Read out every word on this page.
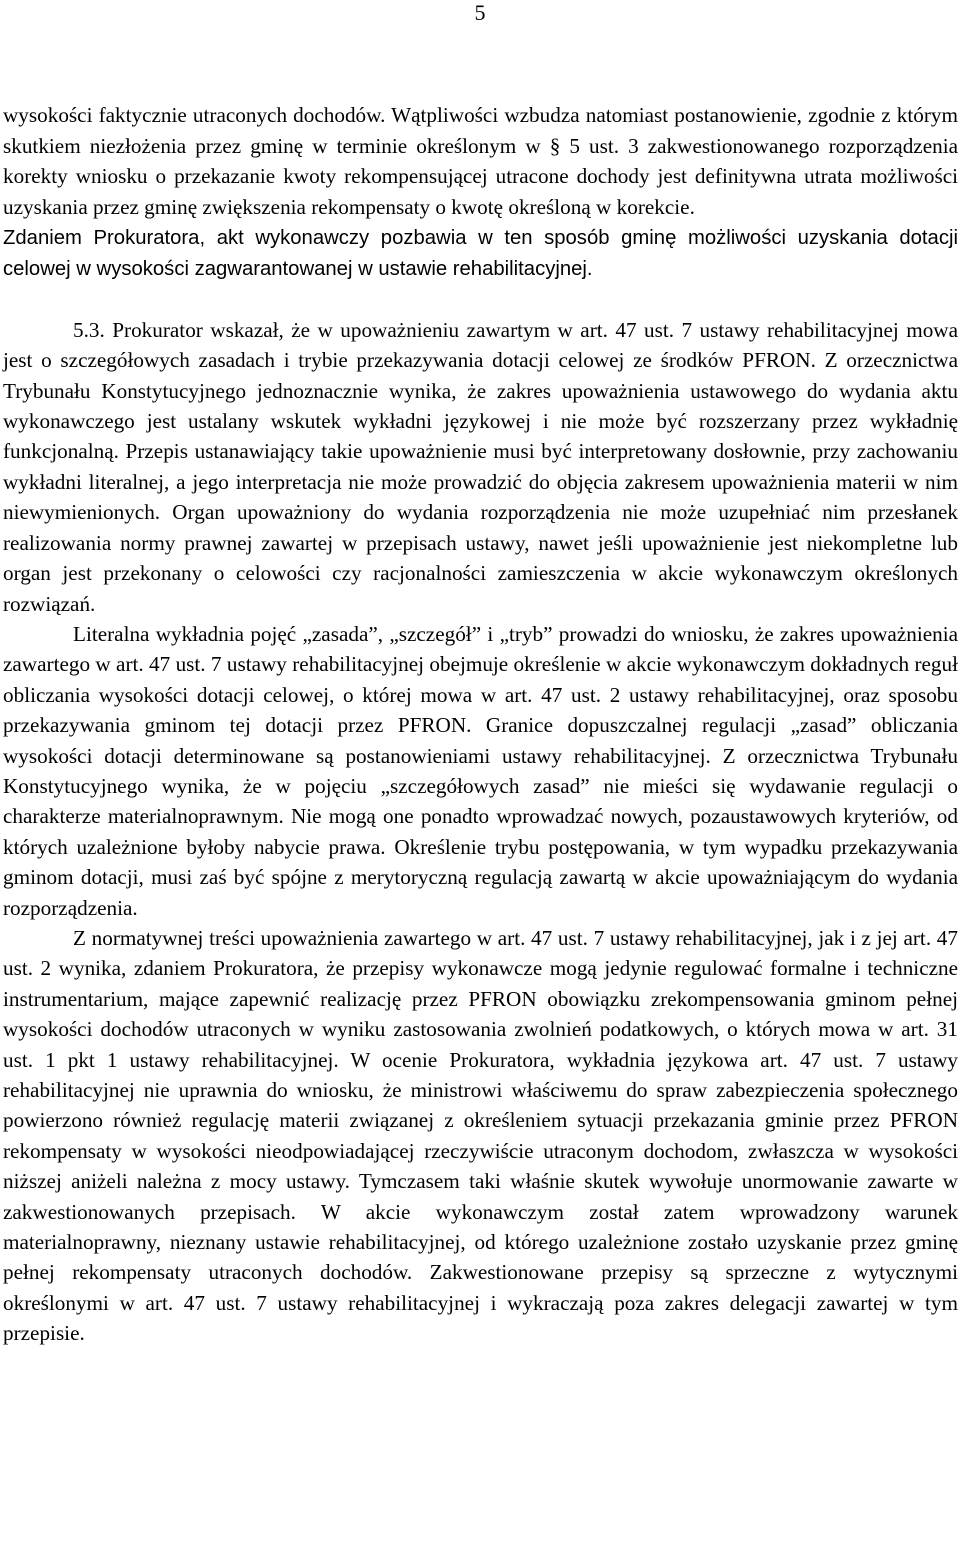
5

wysokości faktycznie utraconych dochodów. Wątpliwości wzbudza natomiast postanowienie, zgodnie z którym skutkiem niezłożenia przez gminę w terminie określonym w § 5 ust. 3 zakwestionowanego rozporządzenia korekty wniosku o przekazanie kwoty rekompensującej utracone dochody jest definitywna utrata możliwości uzyskania przez gminę zwiększenia rekompensaty o kwotę określoną w korekcie.
Zdaniem Prokuratora, akt wykonawczy pozbawia w ten sposób gminę możliwości uzyskania dotacji celowej w wysokości zagwarantowanej w ustawie rehabilitacyjnej.

5.3. Prokurator wskazał, że w upoważnieniu zawartym w art. 47 ust. 7 ustawy rehabilitacyjnej mowa jest o szczegółowych zasadach i trybie przekazywania dotacji celowej ze środków PFRON. Z orzecznictwa Trybunału Konstytucyjnego jednoznacznie wynika, że zakres upoważnienia ustawowego do wydania aktu wykonawczego jest ustalany wskutek wykładni językowej i nie może być rozszerzany przez wykładnię funkcjonalną. Przepis ustanawiający takie upoważnienie musi być interpretowany dosłownie, przy zachowaniu wykładni literalnej, a jego interpretacja nie może prowadzić do objęcia zakresem upoważnienia materii w nim niewymienionych. Organ upoważniony do wydania rozporządzenia nie może uzupełniać nim przesłanek realizowania normy prawnej zawartej w przepisach ustawy, nawet jeśli upoważnienie jest niekompletne lub organ jest przekonany o celowości czy racjonalności zamieszczenia w akcie wykonawczym określonych rozwiązań.

Literalna wykładnia pojęć „zasada”, „szczegół” i „tryb” prowadzi do wniosku, że zakres upoważnienia zawartego w art. 47 ust. 7 ustawy rehabilitacyjnej obejmuje określenie w akcie wykonawczym dokładnych reguł obliczania wysokości dotacji celowej, o której mowa w art. 47 ust. 2 ustawy rehabilitacyjnej, oraz sposobu przekazywania gminom tej dotacji przez PFRON. Granice dopuszczalnej regulacji „zasad” obliczania wysokości dotacji determinowane są postanowieniami ustawy rehabilitacyjnej. Z orzecznictwa Trybunału Konstytucyjnego wynika, że w pojęciu „szczegółowych zasad” nie mieści się wydawanie regulacji o charakterze materialnoprawnym. Nie mogą one ponadto wprowadzać nowych, pozaustawowych kryteriów, od których uzależnione byłoby nabycie prawa. Określenie trybu postępowania, w tym wypadku przekazywania gminom dotacji, musi zaś być spójne z merytoryczną regulacją zawartą w akcie upoważniającym do wydania rozporządzenia.

Z normatywnej treści upoważnienia zawartego w art. 47 ust. 7 ustawy rehabilitacyjnej, jak i z jej art. 47 ust. 2 wynika, zdaniem Prokuratora, że przepisy wykonawcze mogą jedynie regulować formalne i techniczne instrumentarium, mające zapewnić realizację przez PFRON obowiązku zrekompensowania gminom pełnej wysokości dochodów utraconych w wyniku zastosowania zwolnień podatkowych, o których mowa w art. 31 ust. 1 pkt 1 ustawy rehabilitacyjnej. W ocenie Prokuratora, wykładnia językowa art. 47 ust. 7 ustawy rehabilitacyjnej nie uprawnia do wniosku, że ministrowi właściwemu do spraw zabezpieczenia społecznego powierzono również regulację materii związanej z określeniem sytuacji przekazania gminie przez PFRON rekompensaty w wysokości nieodpowiadającej rzeczywiście utraconym dochodom, zwłaszcza w wysokości niższej aniżeli należna z mocy ustawy. Tymczasem taki właśnie skutek wywołuje unormowanie zawarte w zakwestionowanych przepisach. W akcie wykonawczym został zatem wprowadzony warunek materialnoprawny, nieznany ustawie rehabilitacyjnej, od którego uzależnione zostało uzyskanie przez gminę pełnej rekompensaty utraconych dochodów. Zakwestionowane przepisy są sprzeczne z wytycznymi określonymi w art. 47 ust. 7 ustawy rehabilitacyjnej i wykraczają poza zakres delegacji zawartej w tym przepisie.
